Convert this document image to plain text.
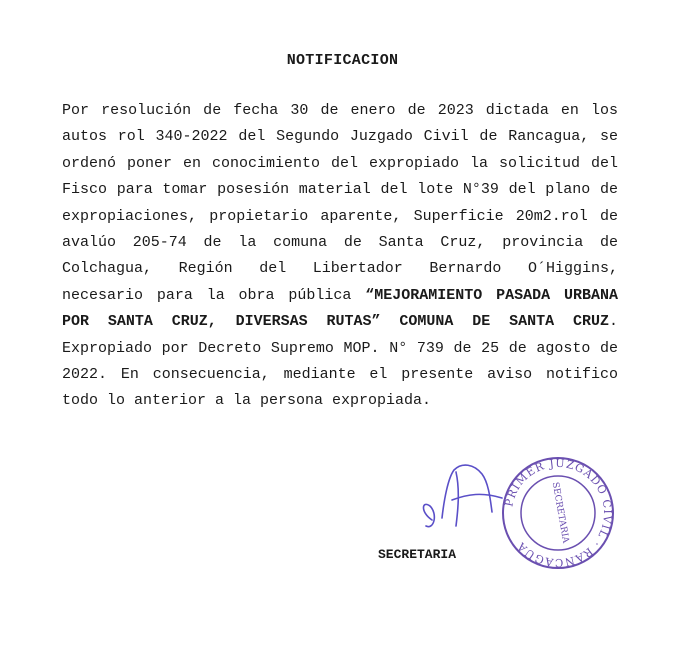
NOTIFICACION
Por resolución de fecha 30 de enero de 2023 dictada en los autos rol 340-2022 del Segundo Juzgado Civil de Rancagua, se ordenó poner en conocimiento del expropiado la solicitud del Fisco para tomar posesión material del lote N°39 del plano de expropiaciones, propietario aparente, Superficie 20m2.rol de avalúo 205-74 de la comuna de Santa Cruz, provincia de Colchagua, Región del Libertador Bernardo O´Higgins, necesario para la obra pública “MEJORAMIENTO PASADA URBANA POR SANTA CRUZ, DIVERSAS RUTAS” COMUNA DE SANTA CRUZ. Expropiado por Decreto Supremo MOP. N° 739 de 25 de agosto de 2022. En consecuencia, mediante el presente aviso notifico todo lo anterior a la persona expropiada.
PRIMER JUZGADO CIVIL · RANCAGUA
SECRETARIA
SECRETARIA
